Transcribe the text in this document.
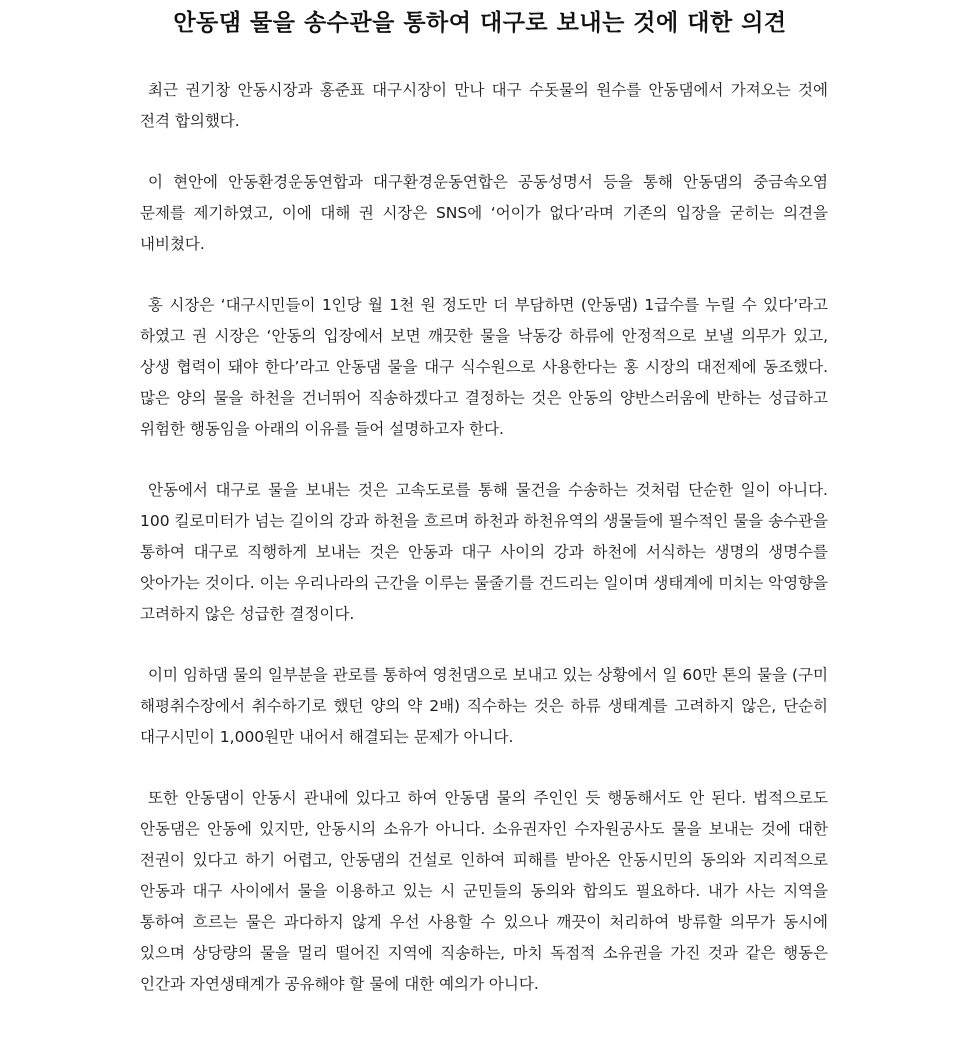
안동댐 물을 송수관을 통하여 대구로 보내는 것에 대한 의견

최근 권기창 안동시장과 홍준표 대구시장이 만나 대구 수돗물의 원수를 안동댐에서 가져오는 것에 전격 합의했다.

이 현안에 안동환경운동연합과 대구환경운동연합은 공동성명서 등을 통해 안동댐의 중금속오염 문제를 제기하였고, 이에 대해 권 시장은 SNS에 ‘어이가 없다’라며 기존의 입장을 굳히는 의견을 내비쳤다.

홍 시장은 ‘대구시민들이 1인당 월 1천 원 정도만 더 부담하면 (안동댐) 1급수를 누릴 수 있다’라고 하였고 권 시장은 ‘안동의 입장에서 보면 깨끗한 물을 낙동강 하류에 안정적으로 보낼 의무가 있고, 상생 협력이 돼야 한다’라고 안동댐 물을 대구 식수원으로 사용한다는 홍 시장의 대전제에 동조했다. 많은 양의 물을 하천을 건너뛰어 직송하겠다고 결정하는 것은 안동의 양반스러움에 반하는 성급하고 위험한 행동임을 아래의 이유를 들어 설명하고자 한다.

안동에서 대구로 물을 보내는 것은 고속도로를 통해 물건을 수송하는 것처럼 단순한 일이 아니다. 100 킬로미터가 넘는 길이의 강과 하천을 흐르며 하천과 하천유역의 생물들에 필수적인 물을 송수관을 통하여 대구로 직행하게 보내는 것은 안동과 대구 사이의 강과 하천에 서식하는 생명의 생명수를 앗아가는 것이다. 이는 우리나라의 근간을 이루는 물줄기를 건드리는 일이며 생태계에 미치는 악영향을 고려하지 않은 성급한 결정이다.

이미 임하댐 물의 일부분을 관로를 통하여 영천댐으로 보내고 있는 상황에서 일 60만 톤의 물을 (구미 해평취수장에서 취수하기로 했던 양의 약 2배) 직수하는 것은 하류 생태계를 고려하지 않은, 단순히 대구시민이 1,000원만 내어서 해결되는 문제가 아니다.

또한 안동댐이 안동시 관내에 있다고 하여 안동댐 물의 주인인 듯 행동해서도 안 된다. 법적으로도 안동댐은 안동에 있지만, 안동시의 소유가 아니다. 소유권자인 수자원공사도 물을 보내는 것에 대한 전권이 있다고 하기 어렵고, 안동댐의 건설로 인하여 피해를 받아온 안동시민의 동의와 지리적으로 안동과 대구 사이에서 물을 이용하고 있는 시 군민들의 동의와 합의도 필요하다. 내가 사는 지역을 통하여 흐르는 물은 과다하지 않게 우선 사용할 수 있으나 깨끗이 처리하여 방류할 의무가 동시에 있으며 상당량의 물을 멀리 떨어진 지역에 직송하는, 마치 독점적 소유권을 가진 것과 같은 행동은 인간과 자연생태계가 공유해야 할 물에 대한 예의가 아니다.
